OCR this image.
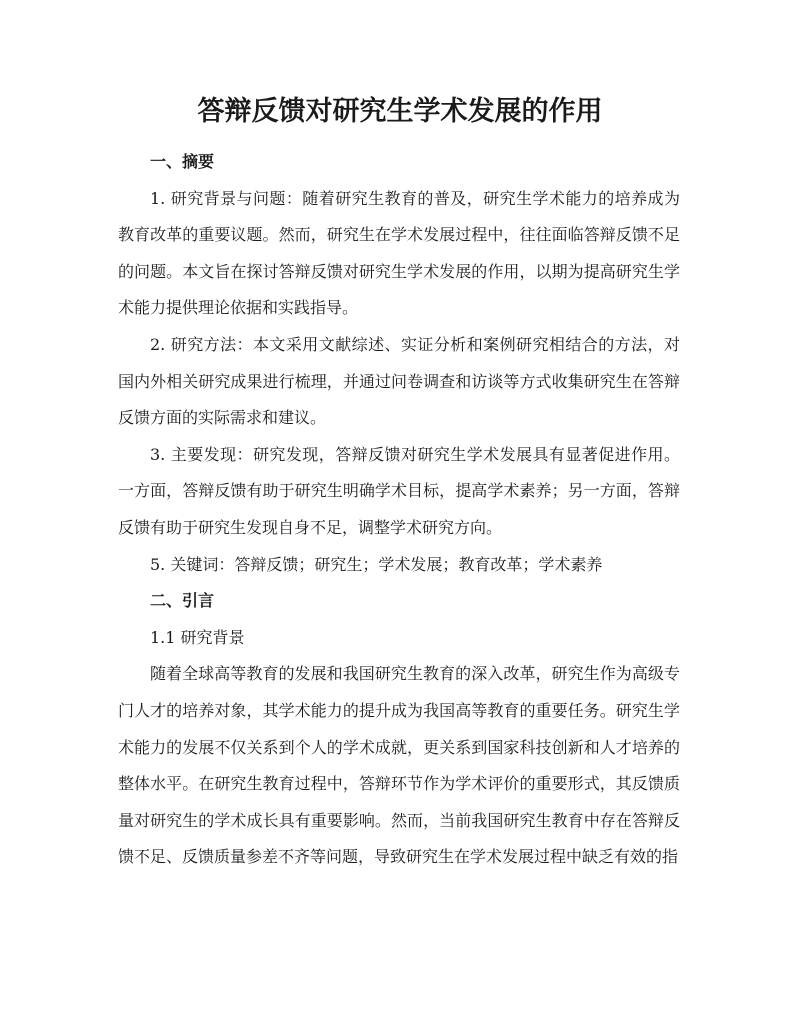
答辩反馈对研究生学术发展的作用

一、摘要

1. 研究背景与问题：随着研究生教育的普及，研究生学术能力的培养成为教育改革的重要议题。然而，研究生在学术发展过程中，往往面临答辩反馈不足的问题。本文旨在探讨答辩反馈对研究生学术发展的作用，以期为提高研究生学术能力提供理论依据和实践指导。

2. 研究方法：本文采用文献综述、实证分析和案例研究相结合的方法，对国内外相关研究成果进行梳理，并通过问卷调查和访谈等方式收集研究生在答辩反馈方面的实际需求和建议。

3. 主要发现：研究发现，答辩反馈对研究生学术发展具有显著促进作用。一方面，答辩反馈有助于研究生明确学术目标，提高学术素养；另一方面，答辩反馈有助于研究生发现自身不足，调整学术研究方向。

5. 关键词：答辩反馈；研究生；学术发展；教育改革；学术素养

二、引言

1.1 研究背景

随着全球高等教育的发展和我国研究生教育的深入改革，研究生作为高级专门人才的培养对象，其学术能力的提升成为我国高等教育的重要任务。研究生学术能力的发展不仅关系到个人的学术成就，更关系到国家科技创新和人才培养的整体水平。在研究生教育过程中，答辩环节作为学术评价的重要形式，其反馈质量对研究生的学术成长具有重要影响。然而，当前我国研究生教育中存在答辩反馈不足、反馈质量参差不齐等问题，导致研究生在学术发展过程中缺乏有效的指
